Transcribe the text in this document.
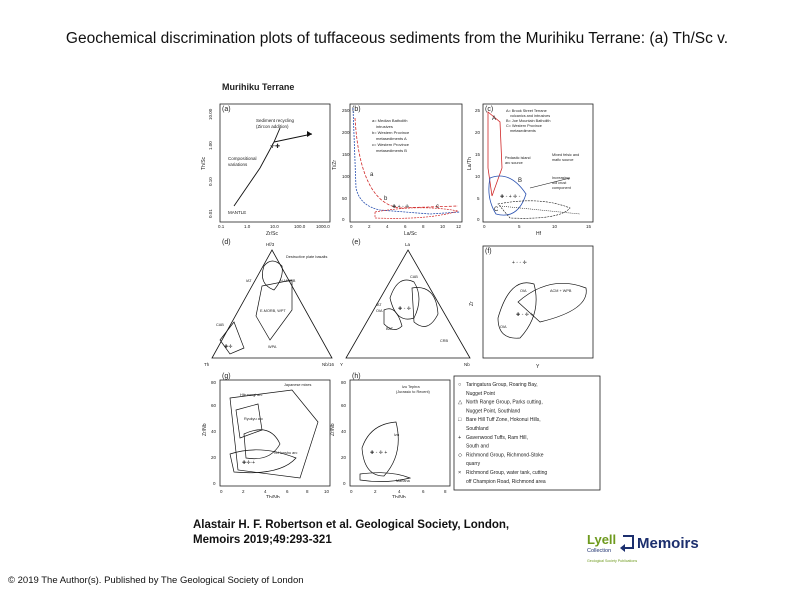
Geochemical discrimination plots of tuffaceous sediments from the Murihiku Terrane: (a) Th/Sc v.
Murihiku Terrane
(a)
0.01
0.10
1.00
10.00
Th/Sc
0.1	1.0	10.0	100.0 1000.0
Zr/Sc
Sediment recycling
(Zircon addition)
Compositional
variations
MANTLE
✛✚
(b)
Ti/Zr
0
50
100
150
200
250
0	2	4	6	8	10 12
La/Sc
a
b
c
a= Median Batholith
intrusives
b= Western Province
metasediments A
c= Western Province
metasediments B
✚ + ◦ ✛
(c)
La/Th
0
5
10
15
20
25
0	5	10	15
Hf
A
B
C
A= Brook Street Terrane
volcanics and intrusives
B= Joe Mountain Batholith
C= Western Province
metasediments
Pedastic island
arc source
Mixed felsic and
mafic source
Increasing
old crust
component
✚ ◦ + ✛ ◦
(d)	Hf/3
Th	Nb/16
Destructive plate basalts
IAT
CAB
E-MORB, WPT
N-MORB
WPA
✚✛
(e)	La
Y	Nb
CAB
IAT
OIA
BAT
CRB
✚ ◦ ✛
(f)
Zr
Y
OIA	ACM + WPB
OIA
+ ◦ ◦ ✛
✚ ◦ ✛ +
(g)
Zr/Nb
0
20
40
60
80
0	2	4	6	8	10
Th/Nb
Japanese mixes
Hikurangi arc
Ryukyu arc
N-Honshu arc
✚✛◦+
(h)
Zr/Nb
0
20
40
60
80
0	2	4	6	8
Th/Nb
Izu Tephra
(Jurassic to Recent)
Izu
Mariana
✚ ◦ ✛ +
○ Taringatura Group, Roaring Bay,
Nugget Point
△ North Range Group, Parks cutting,
Nugget Point, Southland
□ Bare Hill Tuff Zone, Hokonui Hills,
Southland
+ Gavenwood Tuffs, Ram Hill,
South and
◇ Richmond Group, Richmond-Stoke
quarry
× Richmond Group, water tank, cutting
off Champion Road, Richmond area
Alastair H. F. Robertson et al. Geological Society, London,
Memoirs 2019;49:293-321	Lyell
Collection Memoirs
Geological Society Publications
© 2019 The Author(s). Published by The Geological Society of London
